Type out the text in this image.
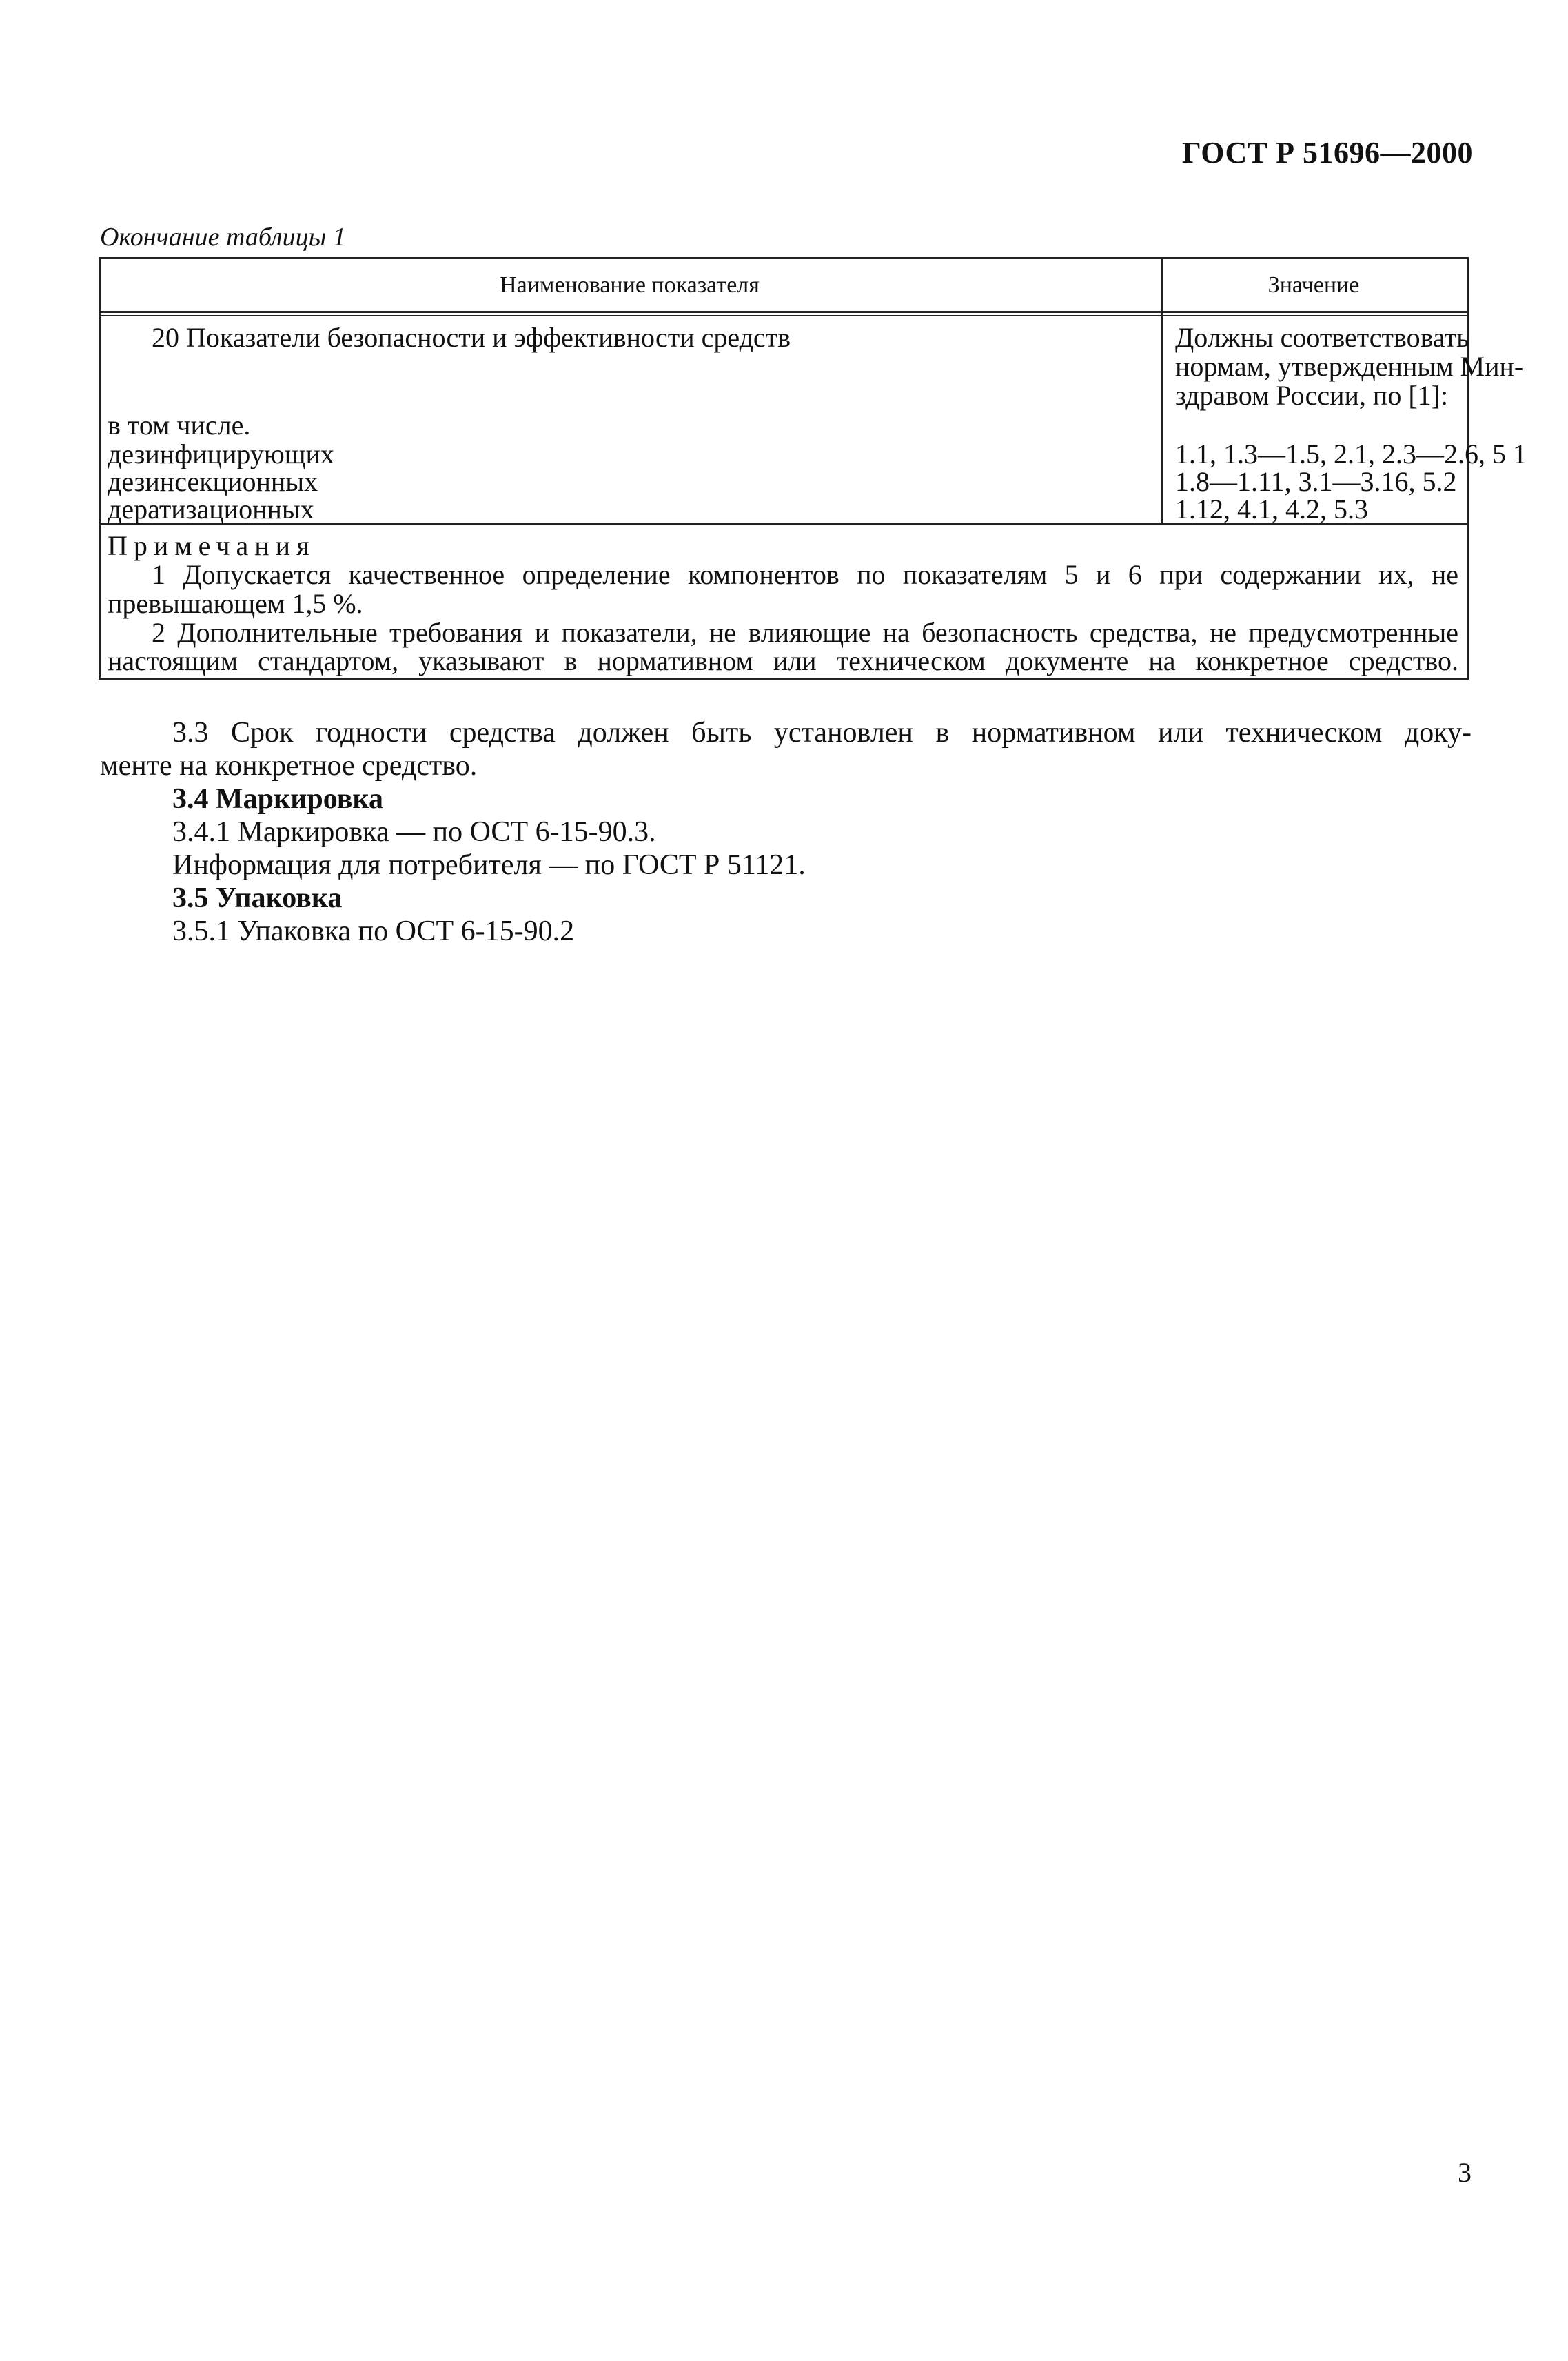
ГОСТ Р 51696—2000
Окончание таблицы 1
Наименование показателя	Значение
20 Показатели безопасности и эффективности средств	Должны соответствовать
нормам, утвержденным Мин-
здравом России, по [1]:
в том числе.
дезинфицирующих	1.1, 1.3—1.5, 2.1, 2.3—2.6, 5 1
дезинсекционных	1.8—1.11, 3.1—3.16, 5.2
дератизационных	1.12, 4.1, 4.2, 5.3
Примечания
1 Допускается качественное определение компонентов по показателям 5 и 6 при содержании их, не
превышающем 1,5 %.
2 Дополнительные требования и показатели, не влияющие на безопасность средства, не предусмотренные
настоящим стандартом, указывают в нормативном или техническом документе на конкретное средство.
3.3 Срок годности средства должен быть установлен в нормативном или техническом доку-
менте на конкретное средство.
3.4 Маркировка
3.4.1 Маркировка — по ОСТ 6-15-90.3.
Информация для потребителя — по ГОСТ Р 51121.
3.5 Упаковка
3.5.1 Упаковка по ОСТ 6-15-90.2
3
